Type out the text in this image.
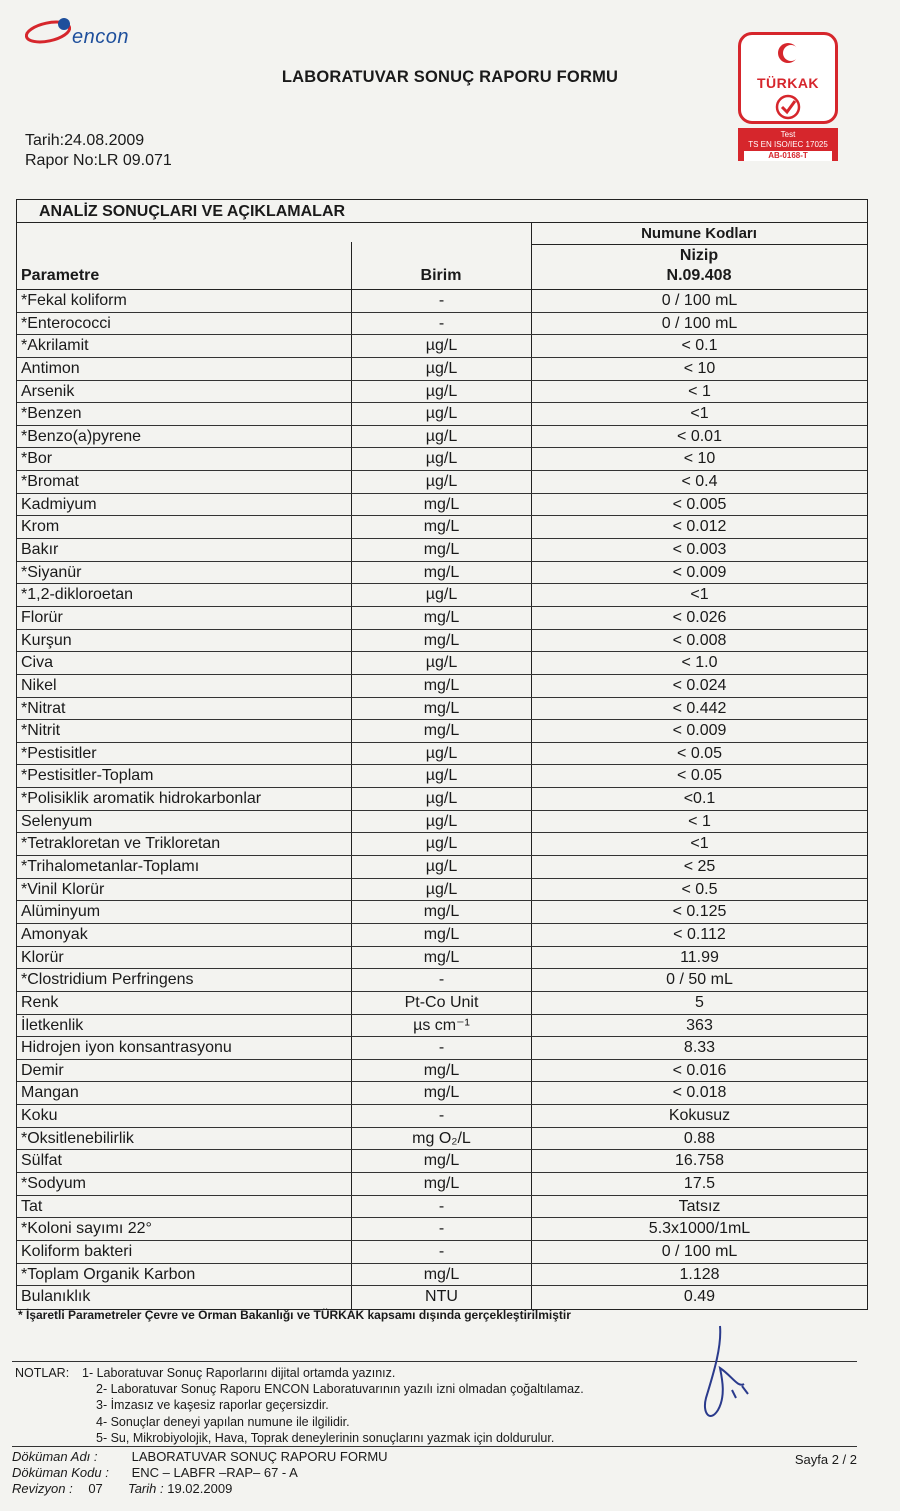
encon
LABORATUVAR SONUÇ RAPORU FORMU
Tarih:24.08.2009
Rapor No:LR 09.071
TÜRKAK
Test
TS EN ISO/IEC 17025
AB-0168-T
ANALİZ SONUÇLARI VE AÇIKLAMALAR
Numune Kodları
Nizip
N.09.408
Parametre	Birim
*Fekal koliform	-	0 / 100 mL
*Enterococci	-	0 / 100 mL
*Akrilamit	µg/L	< 0.1
Antimon	µg/L	< 10
Arsenik	µg/L	< 1
*Benzen	µg/L	<1
*Benzo(a)pyrene	µg/L	< 0.01
*Bor	µg/L	< 10
*Bromat	µg/L	< 0.4
Kadmiyum	mg/L	< 0.005
Krom	mg/L	< 0.012
Bakır	mg/L	< 0.003
*Siyanür	mg/L	< 0.009
*1,2-dikloroetan	µg/L	<1
Florür	mg/L	< 0.026
Kurşun	mg/L	< 0.008
Civa	µg/L	< 1.0
Nikel	mg/L	< 0.024
*Nitrat	mg/L	< 0.442
*Nitrit	mg/L	< 0.009
*Pestisitler	µg/L	< 0.05
*Pestisitler-Toplam	µg/L	< 0.05
*Polisiklik aromatik hidrokarbonlar	µg/L	<0.1
Selenyum	µg/L	< 1
*Tetrakloretan ve Trikloretan	µg/L	<1
*Trihalometanlar-Toplamı	µg/L	< 25
*Vinil Klorür	µg/L	< 0.5
Alüminyum	mg/L	< 0.125
Amonyak	mg/L	< 0.112
Klorür	mg/L	11.99
*Clostridium Perfringens	-	0 / 50 mL
Renk	Pt-Co Unit	5
İletkenlik	µs cm⁻¹	363
Hidrojen iyon konsantrasyonu	-	8.33
Demir	mg/L	< 0.016
Mangan	mg/L	< 0.018
Koku	-	Kokusuz
*Oksitlenebilirlik	mg O₂/L	0.88
Sülfat	mg/L	16.758
*Sodyum	mg/L	17.5
Tat	-	Tatsız
*Koloni sayımı 22°	-	5.3x1000/1mL
Koliform bakteri	-	0 / 100 mL
*Toplam Organik Karbon	mg/L	1.128
Bulanıklık	NTU	0.49
* İşaretli Parametreler Çevre ve Orman Bakanlığı ve TÜRKAK kapsamı dışında gerçekleştirilmiştir
NOTLAR: 1- Laboratuvar Sonuç Raporlarını dijital ortamda yazınız.
2- Laboratuvar Sonuç Raporu ENCON Laboratuvarının yazılı izni olmadan çoğaltılamaz.
3- İmzasız ve kaşesiz raporlar geçersizdir.
4- Sonuçlar deneyi yapılan numune ile ilgilidir.
5- Su, Mikrobiyolojik, Hava, Toprak deneylerinin sonuçlarını yazmak için doldurulur.
Döküman Adı :	LABORATUVAR SONUÇ RAPORU FORMU
Döküman Kodu : ENC – LABFR –RAP– 67 - A
Revizyon : 07 Tarih : 19.02.2009
Sayfa 2 / 2
